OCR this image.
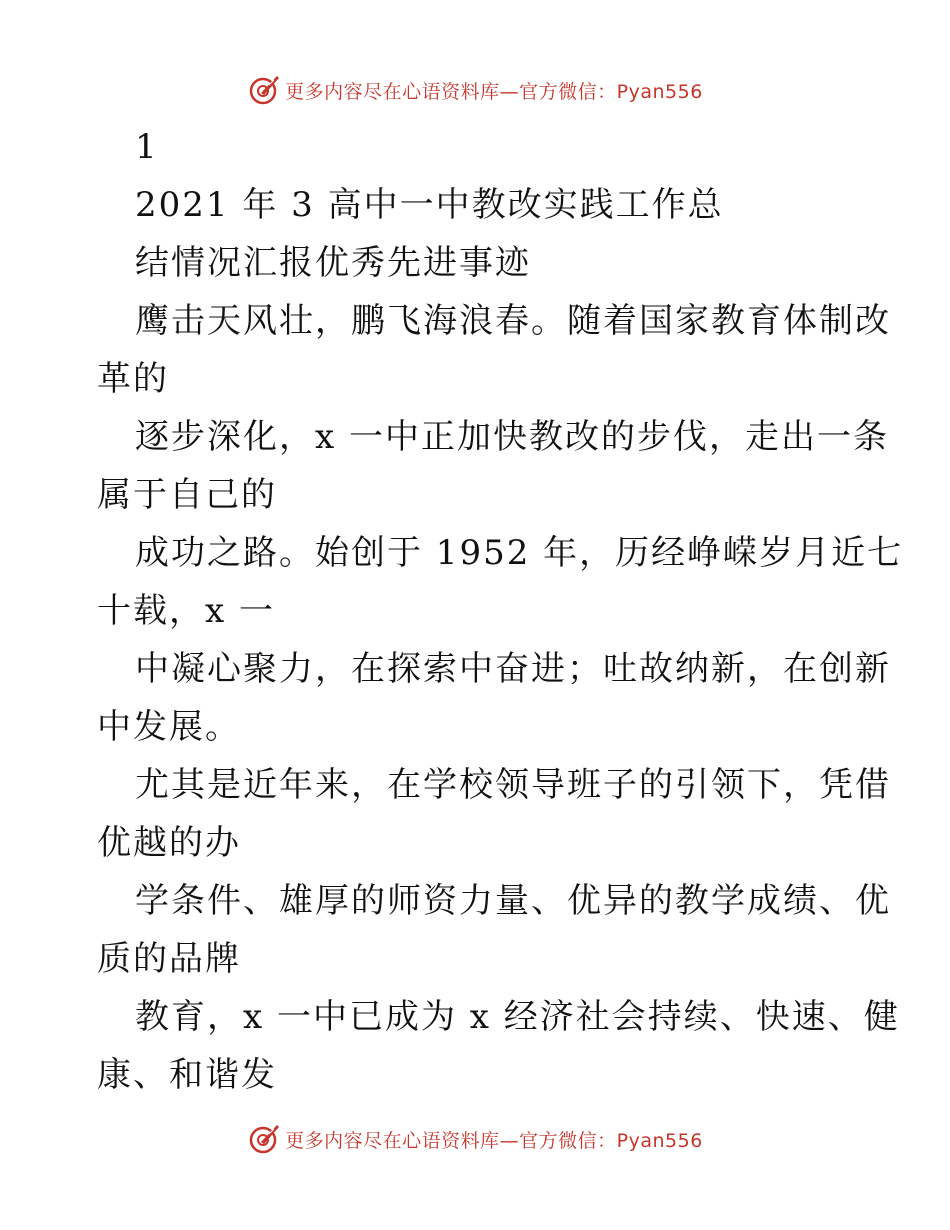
更多内容尽在心语资料库—官方微信：Pyan556
1
2021 年 3 高中一中教改实践工作总
结情况汇报优秀先进事迹
鹰击天风壮，鹏飞海浪春。随着国家教育体制改
革的
逐步深化，x 一中正加快教改的步伐，走出一条
属于自己的
成功之路。始创于 1952 年，历经峥嵘岁月近七
十载，x 一
中凝心聚力，在探索中奋进；吐故纳新，在创新
中发展。
尤其是近年来，在学校领导班子的引领下，凭借
优越的办
学条件、雄厚的师资力量、优异的教学成绩、优
质的品牌
教育，x 一中已成为 x 经济社会持续、快速、健
康、和谐发
更多内容尽在心语资料库—官方微信：Pyan556
